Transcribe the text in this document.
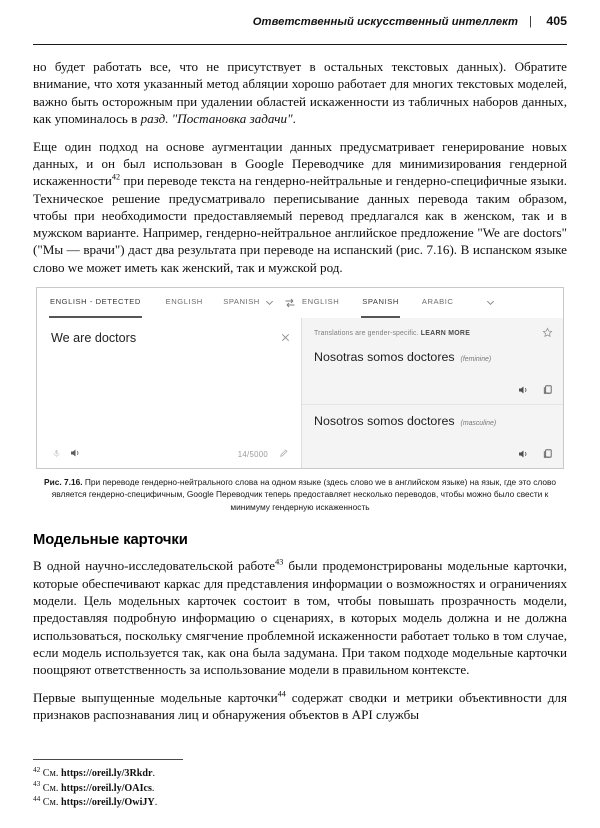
Ответственный искусственный интеллект |	405

но будет работать все, что не присутствует в остальных текстовых данных). Обратите внимание, что хотя указанный метод абляции хорошо работает для многих текстовых моделей, важно быть осторожным при удалении областей искаженности из табличных наборов данных, как упоминалось в разд. "Постановка задачи".

Еще один подход на основе аугментации данных предусматривает генерирование новых данных, и он был использован в Google Переводчике для минимизирования гендерной искаженности$^{42}$ при переводе текста на гендерно-нейтральные и гендерно-специфичные языки. Техническое решение предусматривало переписывание данных перевода таким образом, чтобы при необходимости предоставляемый перевод предлагался как в женском, так и в мужском варианте. Например, гендерно-нейтральное английское предложение "We are doctors" ("Мы — врачи") даст два результата при переводе на испанский (рис. 7.16). В испанском языке слово we может иметь как женский, так и мужской род.

ENGLISH - DETECTED	ENGLISH	SPANISH	ENGLISH	SPANISH	ARABIC
We are doctors
14/5000
Translations are gender-specific. LEARN MORE
Nosotras somos doctores (feminine)
Nosotros somos doctores (masculine)
Рис. 7.16. При переводе гендерно-нейтрального слова на одном языке (здесь слово we в английском языке) на язык, где это слово является гендерно-специфичным, Google Переводчик теперь предоставляет несколько переводов, чтобы можно было свести к минимуму гендерную искаженность
Модельные карточки

В одной научно-исследовательской работе$^{43}$ были продемонстрированы модельные карточки, которые обеспечивают каркас для представления информации о возможностях и ограничениях модели. Цель модельных карточек состоит в том, чтобы повышать прозрачность модели, предоставляя подробную информацию о сценариях, в которых модель должна и не должна использоваться, поскольку смягчение проблемной искаженности работает только в том случае, если модель используется так, как она была задумана. При таком подходе модельные карточки поощряют ответственность за использование модели в правильном контексте.

Первые выпущенные модельные карточки$^{44}$ содержат сводки и метрики объективности для признаков распознавания лиц и обнаружения объектов в API службы

$^{42}$ См. https://oreil.ly/3Rkdr.
$^{43}$ См. https://oreil.ly/OAIcs.
$^{44}$ См. https://oreil.ly/OwiJY.
